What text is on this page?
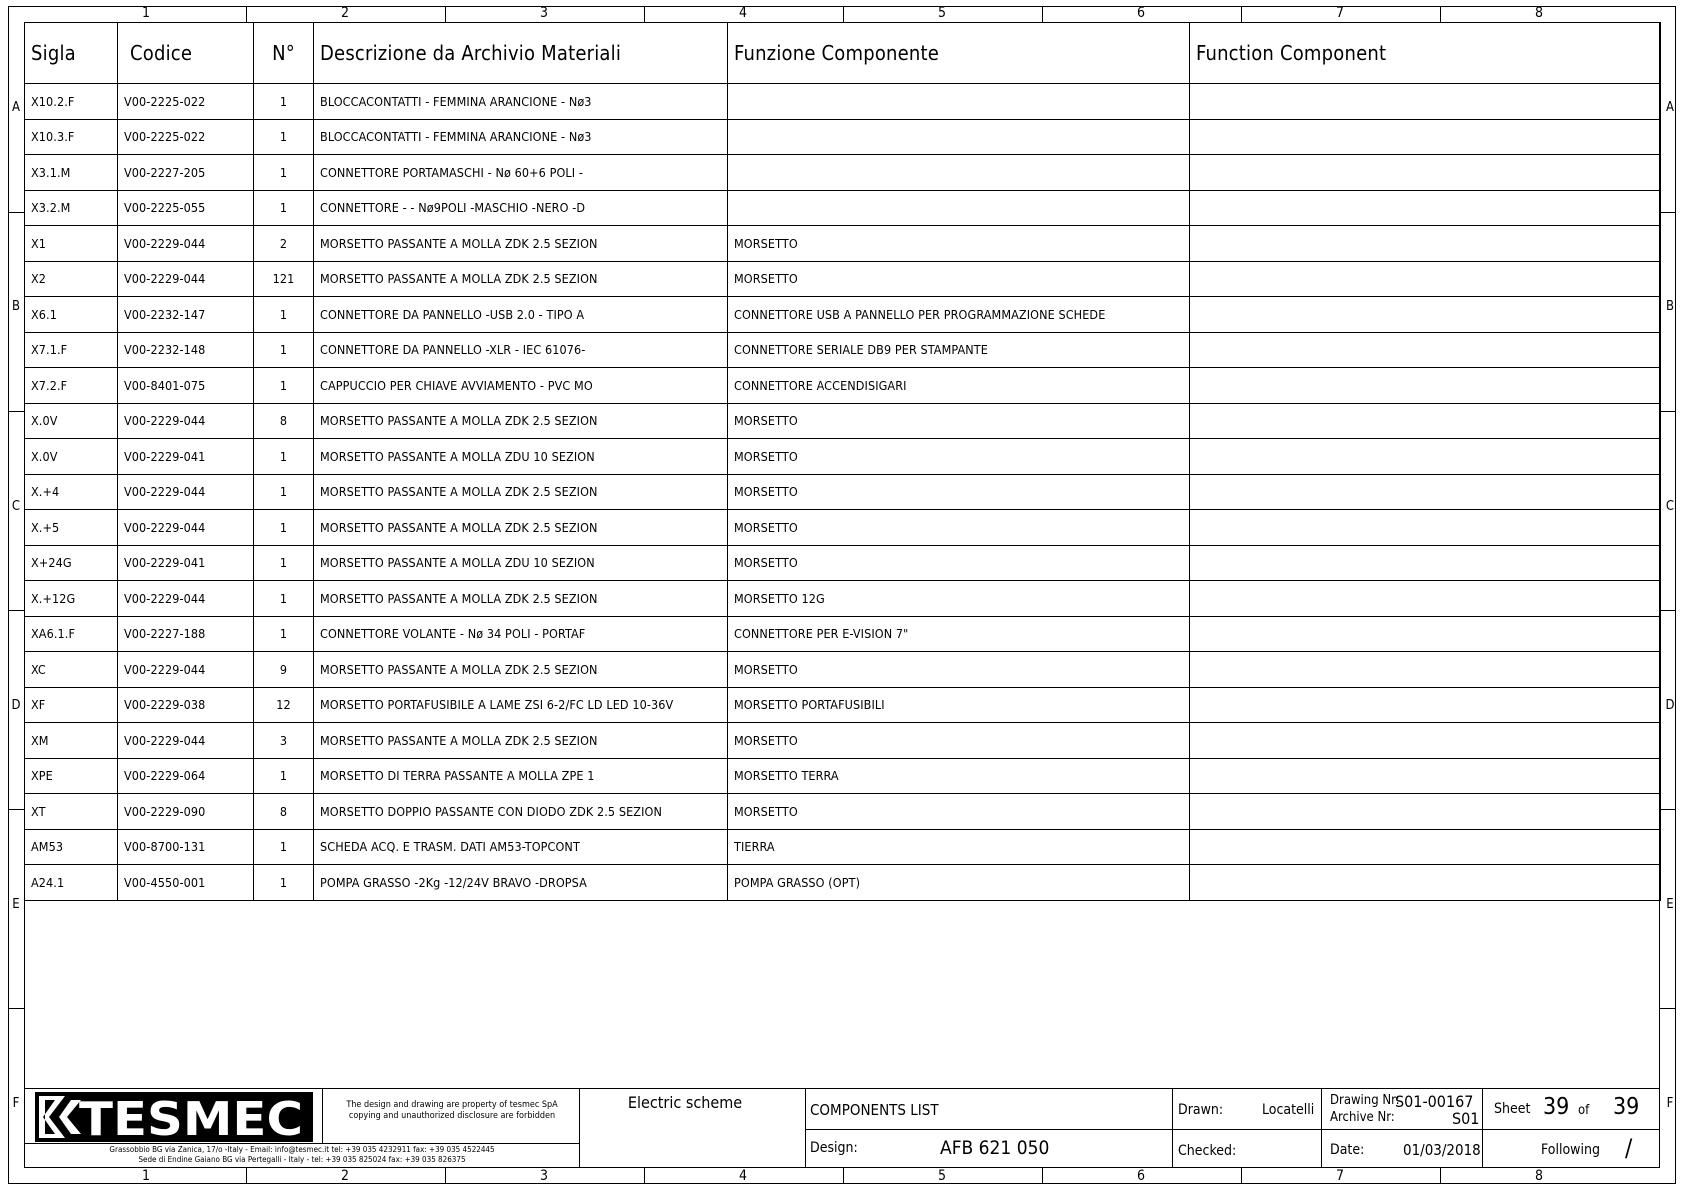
1	2	3	4	5	6	7	8
1	2	3	4	5	6	7	8
A
B
C
D
E
F
A
B
C
D
E
F
Sigla	Codice	N°	Descrizione da Archivio Materiali	Funzione Componente	Function Component
X10.2.F	V00-2225-022	1	BLOCCACONTATTI - FEMMINA ARANCIONE - Nø3		
X10.3.F	V00-2225-022	1	BLOCCACONTATTI - FEMMINA ARANCIONE - Nø3		
X3.1.M	V00-2227-205	1	CONNETTORE PORTAMASCHI - Nø 60+6 POLI -		
X3.2.M	V00-2225-055	1	CONNETTORE - - Nø9POLI -MASCHIO -NERO -D		
X1	V00-2229-044	2	MORSETTO PASSANTE A MOLLA ZDK 2.5 SEZION	MORSETTO	
X2	V00-2229-044	121	MORSETTO PASSANTE A MOLLA ZDK 2.5 SEZION	MORSETTO	
X6.1	V00-2232-147	1	CONNETTORE DA PANNELLO -USB 2.0 - TIPO A	CONNETTORE USB A PANNELLO PER PROGRAMMAZIONE SCHEDE	
X7.1.F	V00-2232-148	1	CONNETTORE DA PANNELLO -XLR - IEC 61076-	CONNETTORE SERIALE DB9 PER STAMPANTE	
X7.2.F	V00-8401-075	1	CAPPUCCIO PER CHIAVE AVVIAMENTO - PVC MO	CONNETTORE ACCENDISIGARI	
X.0V	V00-2229-044	8	MORSETTO PASSANTE A MOLLA ZDK 2.5 SEZION	MORSETTO	
X.0V	V00-2229-041	1	MORSETTO PASSANTE A MOLLA ZDU 10 SEZION	MORSETTO	
X.+4	V00-2229-044	1	MORSETTO PASSANTE A MOLLA ZDK 2.5 SEZION	MORSETTO	
X.+5	V00-2229-044	1	MORSETTO PASSANTE A MOLLA ZDK 2.5 SEZION	MORSETTO	
X+24G	V00-2229-041	1	MORSETTO PASSANTE A MOLLA ZDU 10 SEZION	MORSETTO	
X.+12G	V00-2229-044	1	MORSETTO PASSANTE A MOLLA ZDK 2.5 SEZION	MORSETTO 12G	
XA6.1.F	V00-2227-188	1	CONNETTORE VOLANTE - Nø 34 POLI - PORTAF	CONNETTORE PER E-VISION 7"	
XC	V00-2229-044	9	MORSETTO PASSANTE A MOLLA ZDK 2.5 SEZION	MORSETTO	
XF	V00-2229-038	12	MORSETTO PORTAFUSIBILE A LAME ZSI 6-2/FC LD LED 10-36V	MORSETTO PORTAFUSIBILI	
XM	V00-2229-044	3	MORSETTO PASSANTE A MOLLA ZDK 2.5 SEZION	MORSETTO	
XPE	V00-2229-064	1	MORSETTO DI TERRA PASSANTE A MOLLA ZPE 1	MORSETTO TERRA	
XT	V00-2229-090	8	MORSETTO DOPPIO PASSANTE CON DIODO ZDK 2.5 SEZION	MORSETTO	
AM53	V00-8700-131	1	SCHEDA ACQ. E TRASM. DATI AM53-TOPCONT	TIERRA	
A24.1	V00-4550-001	1	POMPA GRASSO -2Kg -12/24V BRAVO -DROPSA	POMPA GRASSO (OPT)	
TESMEC	The design and drawing are property of tesmec SpA
copying and unauthorized disclosure are forbidden
Grassobbio BG via Zanica, 17/o -Italy - Email: info@tesmec.it tel: +39 035 4232911 fax: +39 035 4522445
Sede di Endine Gaiano BG via Pertegalli - Italy - tel: +39 035 825024 fax: +39 035 826375
Electric scheme	COMPONENTS LIST
Design:	AFB 621 050
Drawn:	Locatelli
Checked:
Drawing Nr:
S01-00167
Archive Nr:	S01
Date:	01/03/2018
Sheet 39 of 39
Following /
